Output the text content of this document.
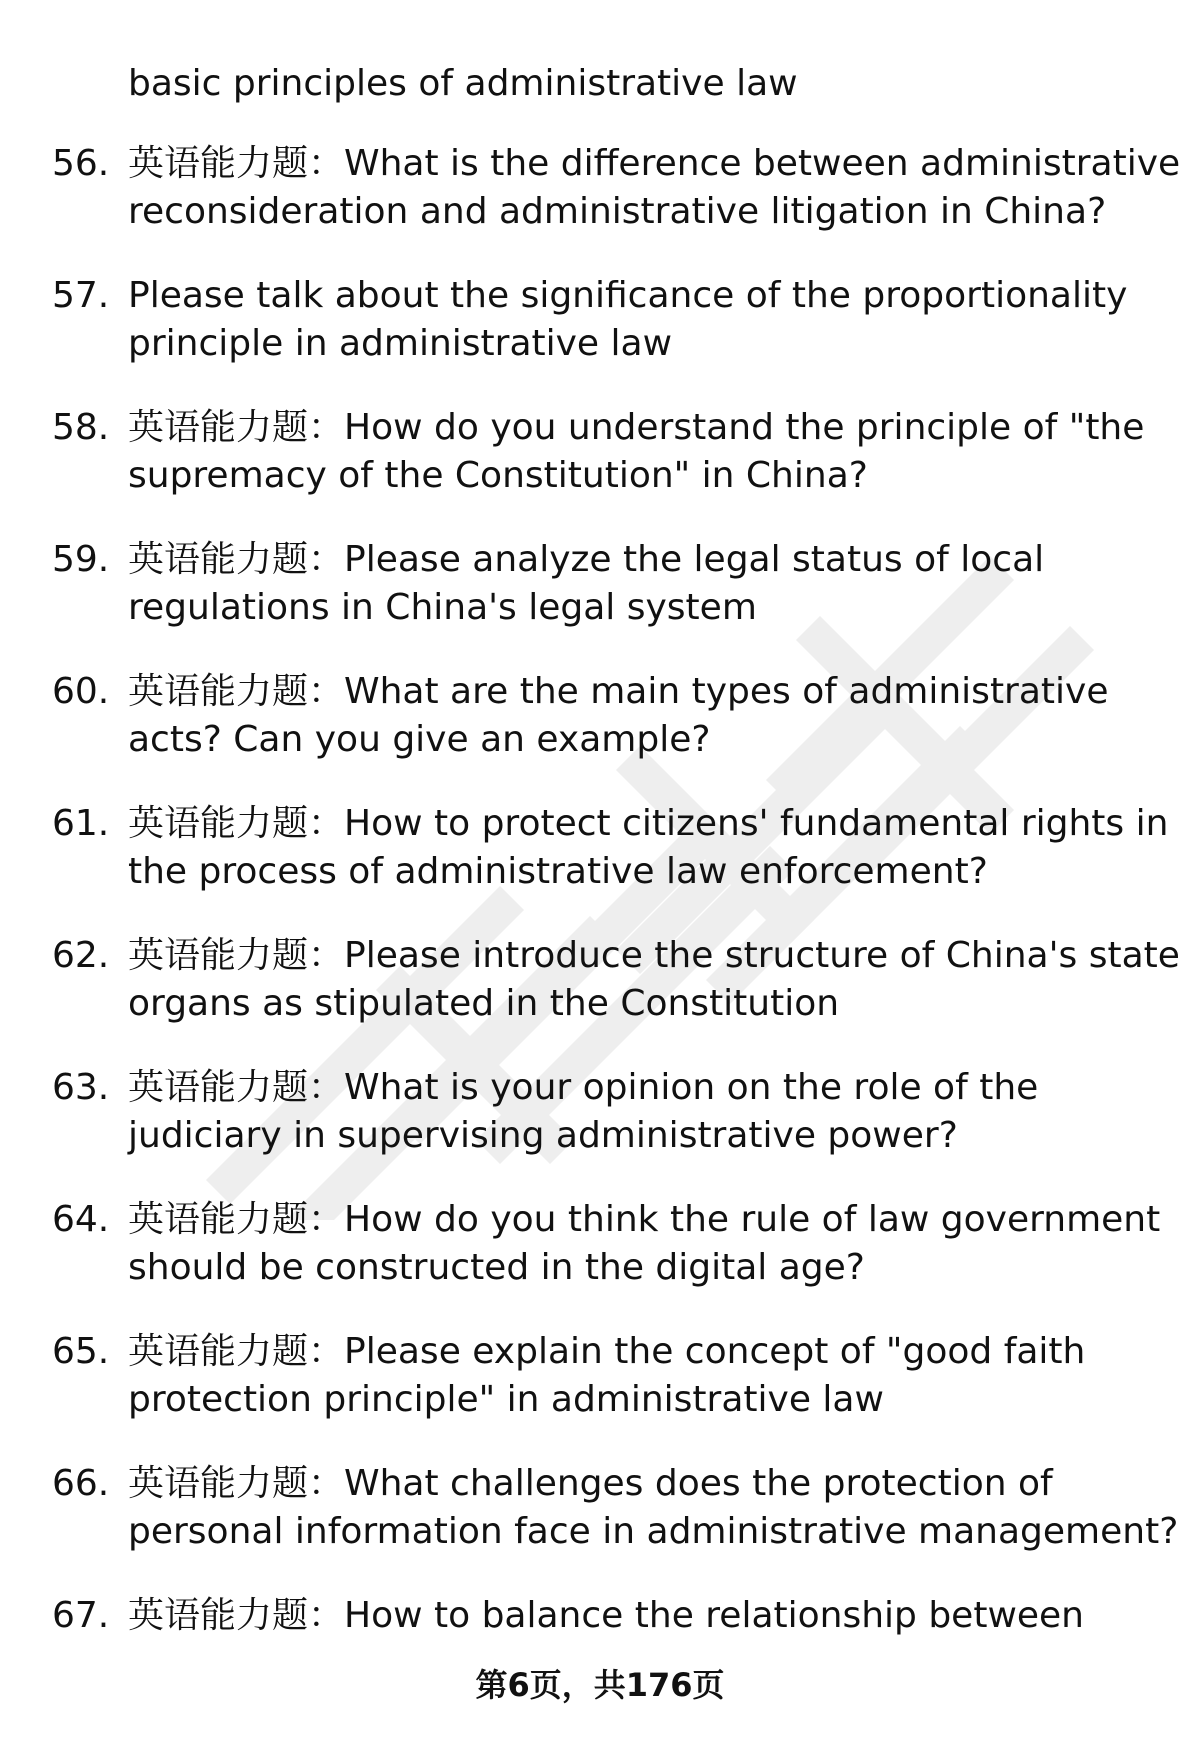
basic principles of administrative law
56. 英语能力题：What is the difference between administrative
reconsideration and administrative litigation in China?
57. Please talk about the significance of the proportionality
principle in administrative law
58. 英语能力题：How do you understand the principle of "the
supremacy of the Constitution" in China?
59. 英语能力题：Please analyze the legal status of local
regulations in China's legal system
60. 英语能力题：What are the main types of administrative
acts? Can you give an example?
61. 英语能力题：How to protect citizens' fundamental rights in
the process of administrative law enforcement?
62. 英语能力题：Please introduce the structure of China's state
organs as stipulated in the Constitution
63. 英语能力题：What is your opinion on the role of the
judiciary in supervising administrative power?
64. 英语能力题：How do you think the rule of law government
should be constructed in the digital age?
65. 英语能力题：Please explain the concept of "good faith
protection principle" in administrative law
66. 英语能力题：What challenges does the protection of
personal information face in administrative management?
67. 英语能力题：How to balance the relationship between
第6页，共176页
